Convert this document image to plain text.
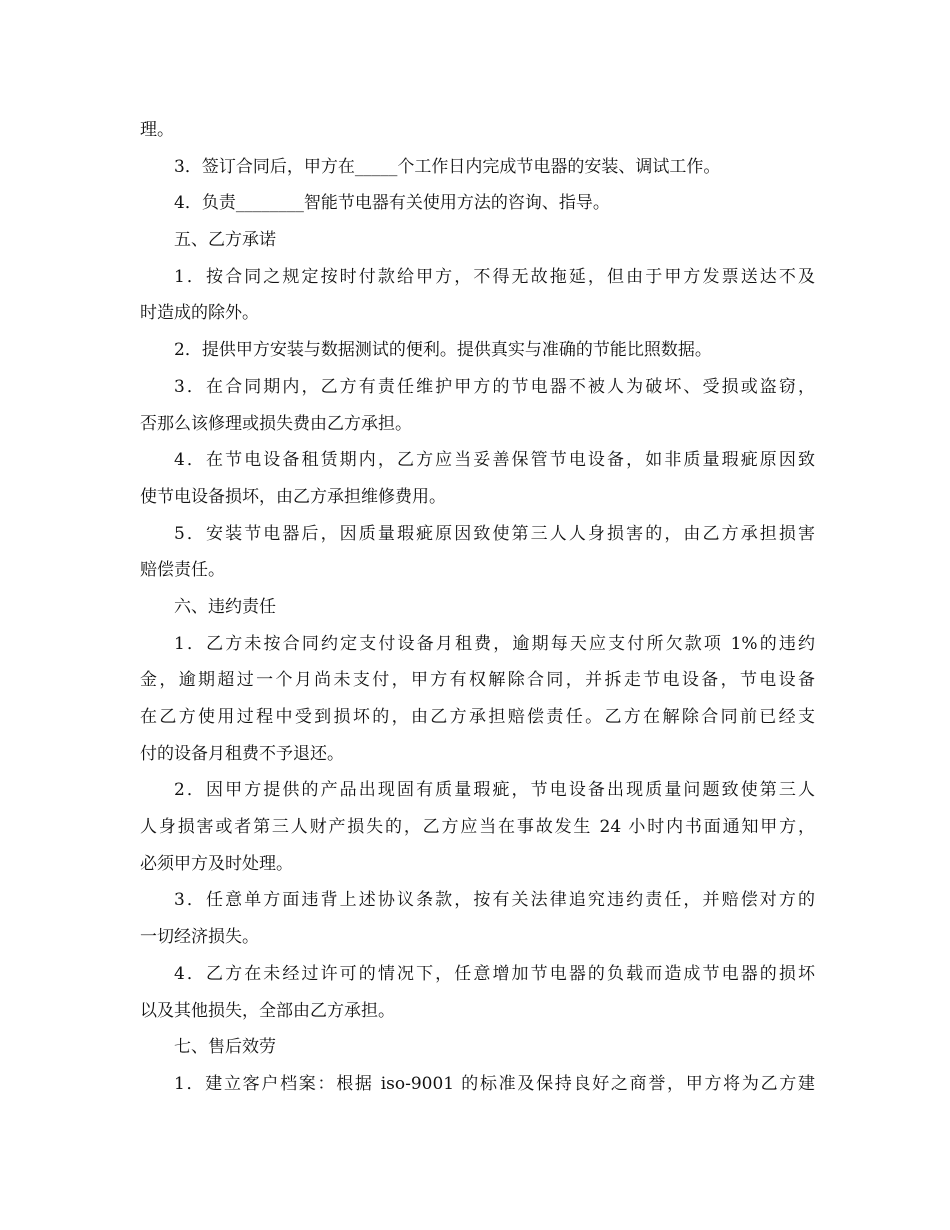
理。
3．签订合同后，甲方在_____个工作日内完成节电器的安装、调试工作。
4．负责________智能节电器有关使用方法的咨询、指导。
五、乙方承诺
1．按合同之规定按时付款给甲方，不得无故拖延，但由于甲方发票送达不及
时造成的除外。
2．提供甲方安装与数据测试的便利。提供真实与准确的节能比照数据。
3．在合同期内，乙方有责任维护甲方的节电器不被人为破坏、受损或盗窃，
否那么该修理或损失费由乙方承担。
4．在节电设备租赁期内，乙方应当妥善保管节电设备，如非质量瑕疵原因致
使节电设备损坏，由乙方承担维修费用。
5．安装节电器后，因质量瑕疵原因致使第三人人身损害的，由乙方承担损害
赔偿责任。
六、违约责任
1．乙方未按合同约定支付设备月租费，逾期每天应支付所欠款项 1%的违约
金，逾期超过一个月尚未支付，甲方有权解除合同，并拆走节电设备，节电设备
在乙方使用过程中受到损坏的，由乙方承担赔偿责任。乙方在解除合同前已经支
付的设备月租费不予退还。
2．因甲方提供的产品出现固有质量瑕疵，节电设备出现质量问题致使第三人
人身损害或者第三人财产损失的，乙方应当在事故发生 24 小时内书面通知甲方，
必须甲方及时处理。
3．任意单方面违背上述协议条款，按有关法律追究违约责任，并赔偿对方的
一切经济损失。
4．乙方在未经过许可的情况下，任意增加节电器的负载而造成节电器的损坏
以及其他损失，全部由乙方承担。
七、售后效劳
1．建立客户档案：根据 iso-9001 的标准及保持良好之商誉，甲方将为乙方建
